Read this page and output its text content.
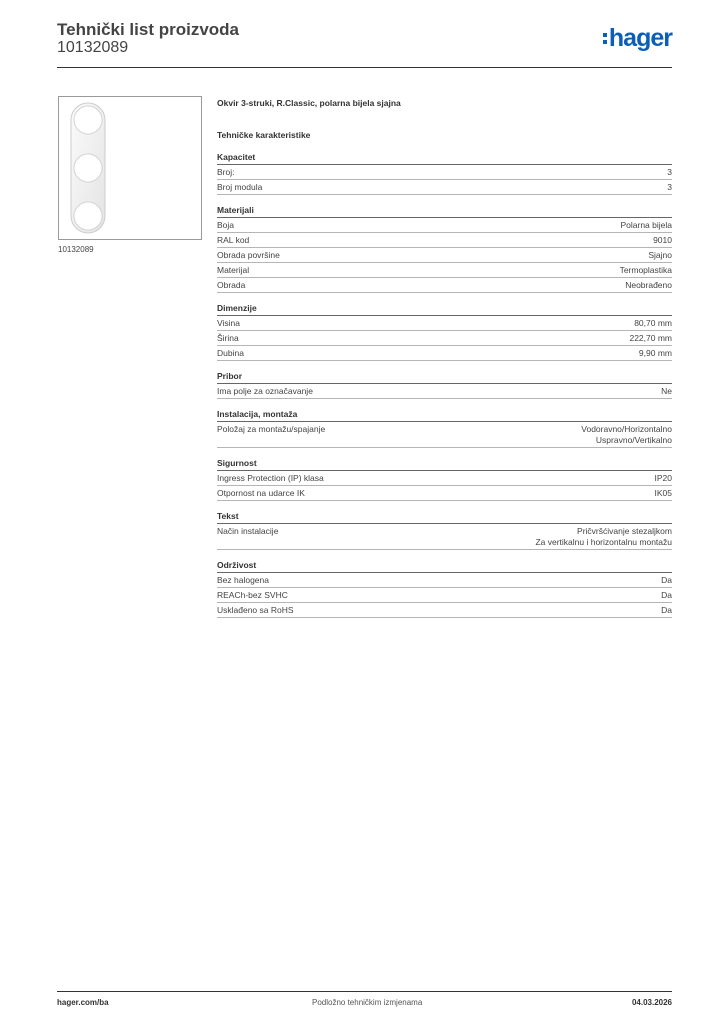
Tehnički list proizvoda
10132089	hager
10132089
Okvir 3-struki, R.Classic, polarna bijela sjajna
Tehničke karakteristike
Kapacitet
Broj:	3
Broj modula	3
Materijali
Boja	Polarna bijela
RAL kod	9010
Obrada površine	Sjajno
Materijal	Termoplastika
Obrada	Neobrađeno
Dimenzije
Visina	80,70 mm
Širina	222,70 mm
Dubina	9,90 mm
Pribor
Ima polje za označavanje	Ne
Instalacija, montaža
Položaj za montažu/spajanje	Vodoravno/Horizontalno
Uspravno/Vertikalno
Sigurnost
Ingress Protection (IP) klasa	IP20
Otpornost na udarce IK	IK05
Tekst
Način instalacije	Pričvršćivanje stezaljkom
Za vertikalnu i horizontalnu montažu
Održivost
Bez halogena	Da
REACh-bez SVHC	Da
Usklađeno sa RoHS	Da
hager.com/ba	Podložno tehničkim izmjenama	04.03.2026
